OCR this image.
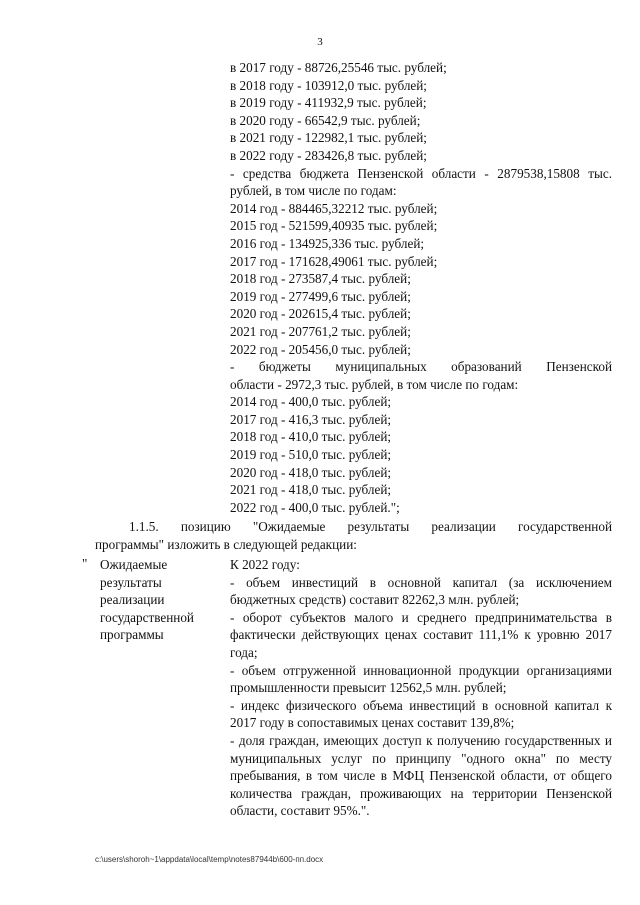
3
в 2017 году - 88726,25546 тыс. рублей;
в 2018 году - 103912,0 тыс. рублей;
в 2019 году - 411932,9 тыс. рублей;
в 2020 году - 66542,9 тыс. рублей;
в 2021 году - 122982,1 тыс. рублей;
в 2022 году - 283426,8 тыс. рублей;
- средства бюджета Пензенской области - 2879538,15808 тыс.
рублей, в том числе по годам:
2014 год - 884465,32212 тыс. рублей;
2015 год - 521599,40935 тыс. рублей;
2016 год - 134925,336 тыс. рублей;
2017 год - 171628,49061 тыс. рублей;
2018 год - 273587,4 тыс. рублей;
2019 год - 277499,6 тыс. рублей;
2020 год - 202615,4 тыс. рублей;
2021 год - 207761,2 тыс. рублей;
2022 год - 205456,0 тыс. рублей;
- бюджеты муниципальных образований Пензенской
области - 2972,3 тыс. рублей, в том числе по годам:
2014 год - 400,0 тыс. рублей;
2017 год - 416,3 тыс. рублей;
2018 год - 410,0 тыс. рублей;
2019 год - 510,0 тыс. рублей;
2020 год - 418,0 тыс. рублей;
2021 год - 418,0 тыс. рублей;
2022 год - 400,0 тыс. рублей.";
1.1.5. позицию "Ожидаемые результаты реализации государственной
программы" изложить в следующей редакции:
" Ожидаемые
результаты
реализации
государственной
программы
К 2022 году:
- объем инвестиций в основной капитал (за исключением бюджетных средств) составит 82262,3 млн. рублей;
- оборот субъектов малого и среднего предпринимательства в фактически действующих ценах составит 111,1% к уровню 2017 года;
- объем отгруженной инновационной продукции организациями промышленности превысит 12562,5 млн. рублей;
- индекс физического объема инвестиций в основной капитал к 2017 году в сопоставимых ценах составит 139,8%;
- доля граждан, имеющих доступ к получению государственных и муниципальных услуг по принципу "одного окна" по месту пребывания, в том числе в МФЦ Пензенской области, от общего количества граждан, проживающих на территории Пензенской области, составит 95%.".
c:\users\shoroh~1\appdata\local\temp\notes87944b\600-пп.docx
